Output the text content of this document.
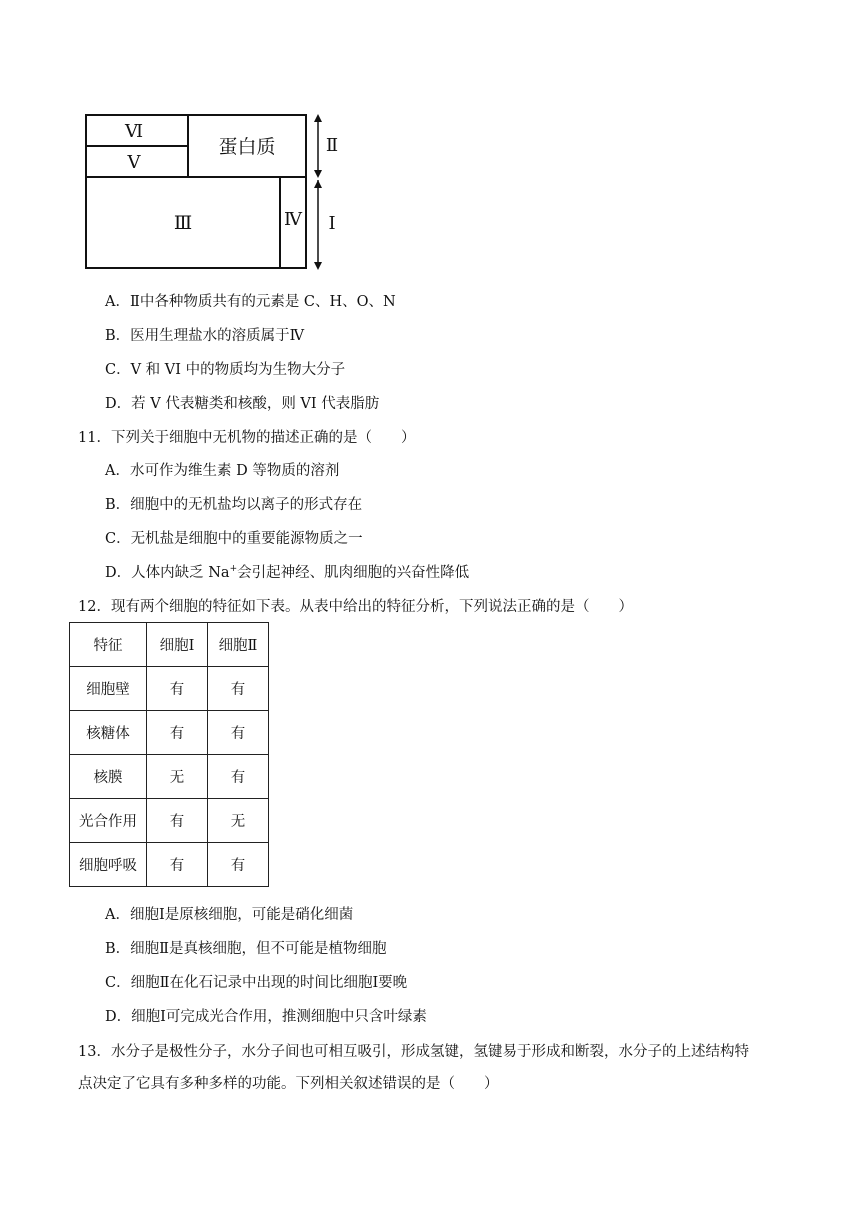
Ⅵ
Ⅴ
蛋白质
Ⅲ	Ⅳ
Ⅱ
Ⅰ
A．Ⅱ中各种物质共有的元素是 C、H、O、N
B．医用生理盐水的溶质属于Ⅳ
C．V 和 VI 中的物质均为生物大分子
D．若 V 代表糖类和核酸，则 VI 代表脂肪
11．下列关于细胞中无机物的描述正确的是（　　）
A．水可作为维生素 D 等物质的溶剂
B．细胞中的无机盐均以离子的形式存在
C．无机盐是细胞中的重要能源物质之一
D．人体内缺乏 Na+会引起神经、肌肉细胞的兴奋性降低
12．现有两个细胞的特征如下表。从表中给出的特征分析，下列说法正确的是（　　）
特征	细胞Ⅰ	细胞Ⅱ
细胞壁	有	有
核糖体	有	有
核膜	无	有
光合作用	有	无
细胞呼吸	有	有
A．细胞Ⅰ是原核细胞，可能是硝化细菌
B．细胞Ⅱ是真核细胞，但不可能是植物细胞
C．细胞Ⅱ在化石记录中出现的时间比细胞Ⅰ要晚
D．细胞Ⅰ可完成光合作用，推测细胞中只含叶绿素
13．水分子是极性分子，水分子间也可相互吸引，形成氢键，氢键易于形成和断裂，水分子的上述结构特
点决定了它具有多种多样的功能。下列相关叙述错误的是（　　）
